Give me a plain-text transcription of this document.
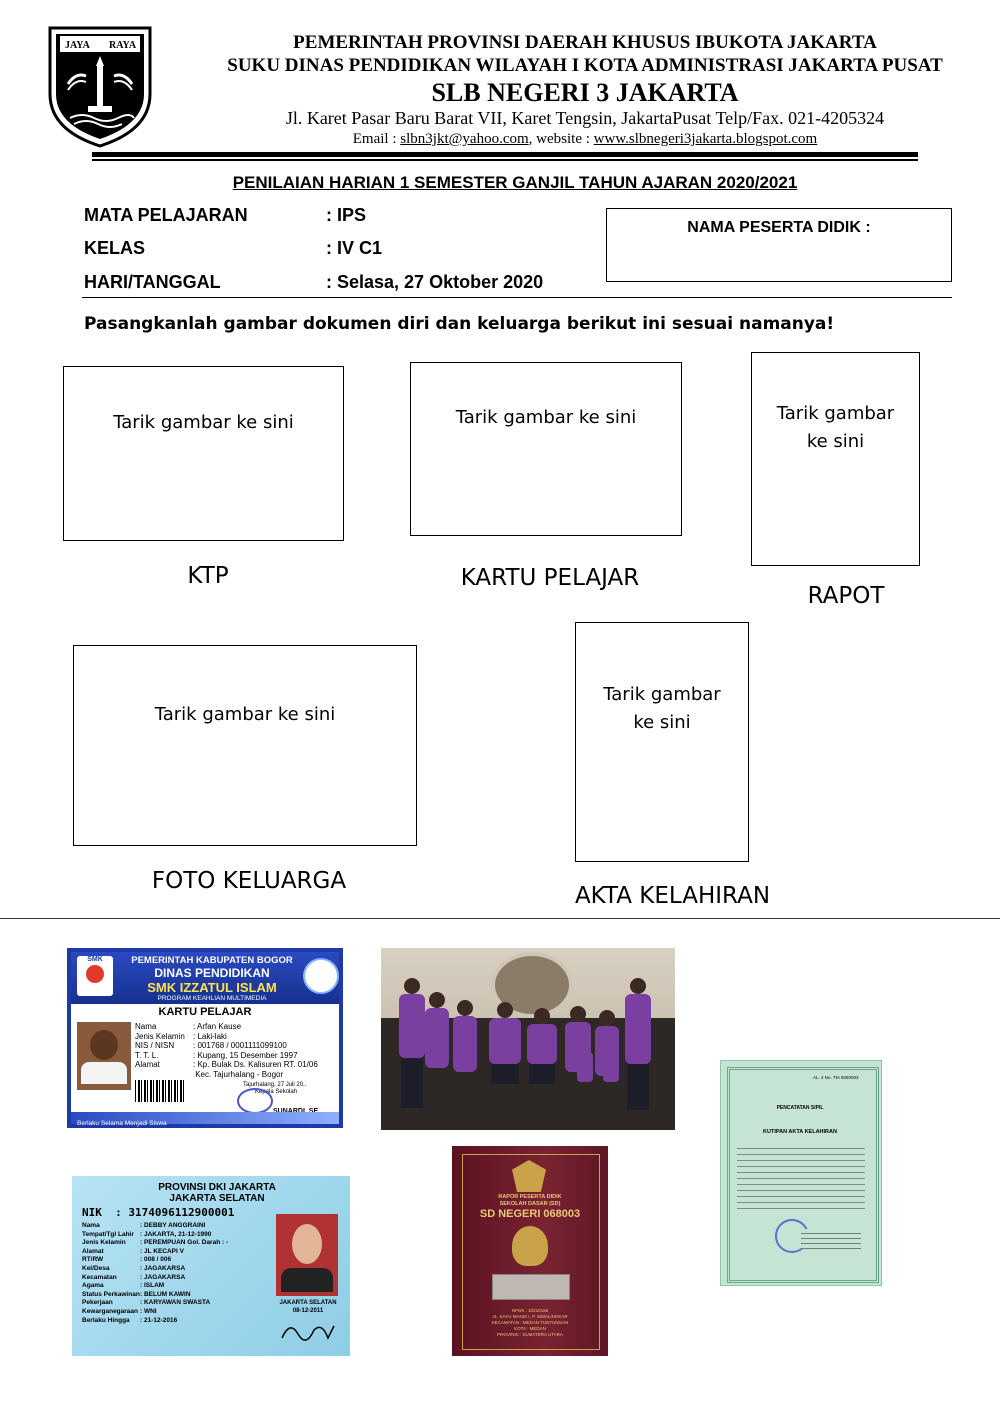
JAYA RAYA	PEMERINTAH PROVINSI DAERAH KHUSUS IBUKOTA JAKARTA
SUKU DINAS PENDIDIKAN WILAYAH I KOTA ADMINISTRASI JAKARTA PUSAT
SLB NEGERI 3 JAKARTA
Jl. Karet Pasar Baru Barat VII, Karet Tengsin, JakartaPusat Telp/Fax. 021-4205324
Email : slbn3jkt@yahoo.com, website : www.slbnegeri3jakarta.blogspot.com
PENILAIAN HARIAN 1 SEMESTER GANJIL TAHUN AJARAN 2020/2021
MATA PELAJARAN	: IPS
KELAS	: IV C1
HARI/TANGGAL	: Selasa, 27 Oktober 2020
NAMA PESERTA DIDIK :
Pasangkanlah gambar dokumen diri dan keluarga berikut ini sesuai namanya!
Tarik gambar ke sini
KTP
Tarik gambar ke sini
KARTU PELAJAR
Tarik gambar
ke sini
RAPOT
Tarik gambar ke sini
FOTO KELUARGA
Tarik gambar
ke sini
AKTA KELAHIRAN
SMK	PEMERINTAH KABUPATEN BOGOR
DINAS PENDIDIKAN
SMK IZZATUL ISLAM
PROGRAM KEAHLIAN MULTIMEDIA
KARTU PELAJAR
Nama	: Arfan Kause
Jenis Kelamin : Laki-laki
NIS / NISN : 001768 / 0001111099100
T. T. L.	: Kupang, 15 Desember 1997
Alamat	: Kp. Bulak Ds. Kalisuren RT. 01/06
Kec. Tajurhalang - Bogor
Tajurhalang, 27 Juli 20..
Kepala Sekolah
Berlaku Selama Menjadi Siswa
AL. 4 No. TIA 0000003
PENCATATAN SIPIL
KUTIPAN AKTA KELAHIRAN
PROVINSI DKI JAKARTA
JAKARTA SELATAN
NIK : 3174096112900001
Nama	: DEBBY ANGGRAINI
Tempat/Tgl Lahir : JAKARTA, 21-12-1990
Jenis Kelamin : PEREMPUAN Gol. Darah : -
Alamat	: JL KECAPI V
RT/RW	: 008 / 006
Kel/Desa	: JAGAKARSA
Kecamatan	: JAGAKARSA
Agama	: ISLAM
Status Perkawinan: BELUM KAWIN
Pekerjaan	: KARYAWAN SWASTA
Kewarganegaraan : WNI
Berlaku Hingga : 21-12-2016
JAKARTA SELATAN
08-12-2011
RAPOR PESERTA DIDIK
SEKOLAH DASAR (SD)
SD NEGERI 068003
NPSN : 10210166
JL. KAYU MANIS I, P. SIMALINGKAR
KECAMATAN : MEDAN TUNTUNGAN
KOTA : MEDAN
PROVINSI : SUMATERA UTARA
